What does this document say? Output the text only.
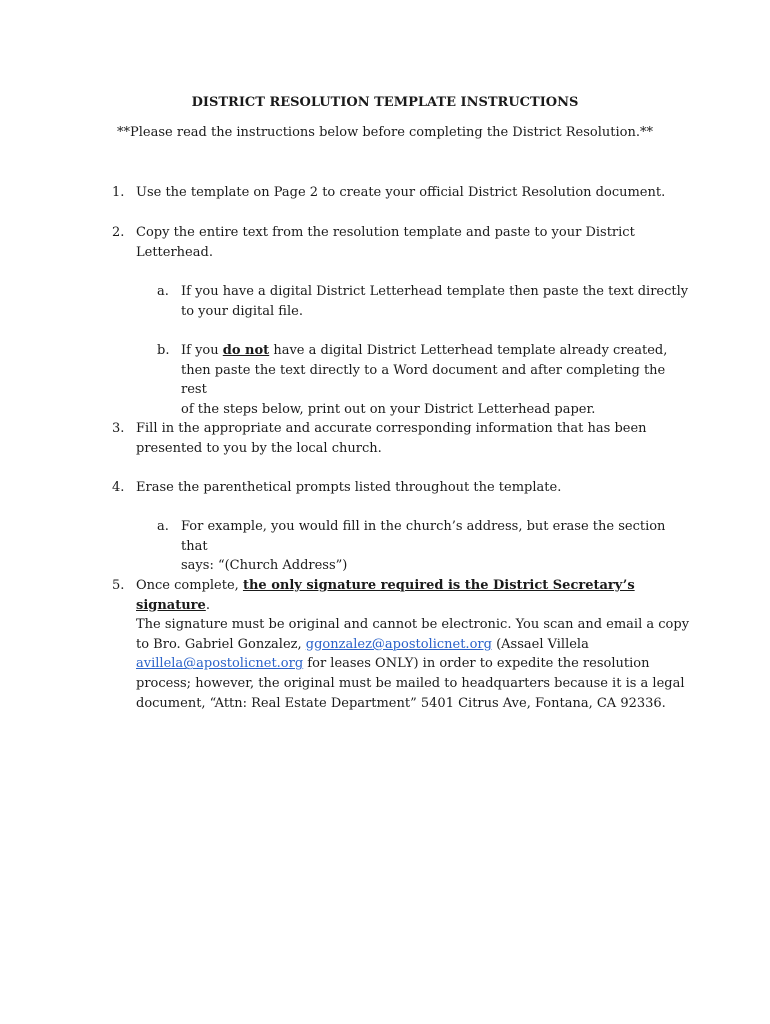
DISTRICT RESOLUTION TEMPLATE INSTRUCTIONS
**Please read the instructions below before completing the District Resolution.**
1. Use the template on Page 2 to create your official District Resolution document.
2. Copy the entire text from the resolution template and paste to your District
Letterhead.
a. If you have a digital District Letterhead template then paste the text directly
to your digital file.
b. If you do not have a digital District Letterhead template already created,
then paste the text directly to a Word document and after completing the rest
of the steps below, print out on your District Letterhead paper.
3. Fill in the appropriate and accurate corresponding information that has been
presented to you by the local church.
4. Erase the parenthetical prompts listed throughout the template.
a. For example, you would fill in the church’s address, but erase the section that
says: “(Church Address”)
5. Once complete, the only signature required is the District Secretary’s signature.
The signature must be original and cannot be electronic. You scan and email a copy
to Bro. Gabriel Gonzalez, ggonzalez@apostolicnet.org (Assael Villela
avillela@apostolicnet.org for leases ONLY) in order to expedite the resolution
process; however, the original must be mailed to headquarters because it is a legal
document, “Attn: Real Estate Department” 5401 Citrus Ave, Fontana, CA 92336.
